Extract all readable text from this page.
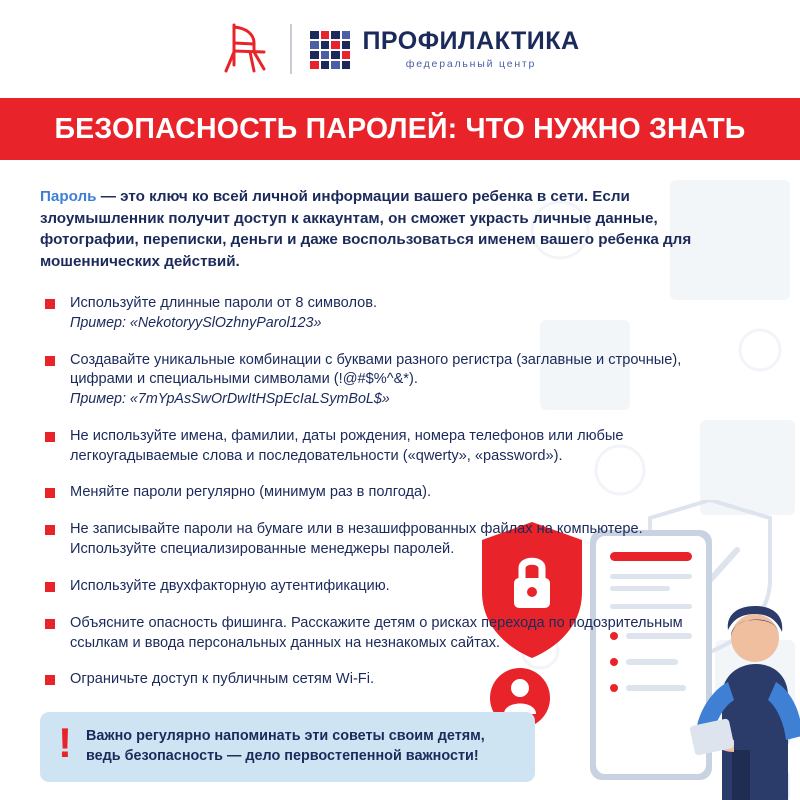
ПРОФИЛАКТИКА
федеральный центр
БЕЗОПАСНОСТЬ ПАРОЛЕЙ: ЧТО НУЖНО ЗНАТЬ

Пароль — это ключ ко всей личной информации вашего ребенка в сети. Если злоумышленник получит доступ к аккаунтам, он сможет украсть личные данные, фотографии, переписки, деньги и даже воспользоваться именем вашего ребенка для мошеннических действий.

Используйте длинные пароли от 8 символов.
Пример: «NekotoryySlOzhnyParol123»
Создавайте уникальные комбинации с буквами разного регистра (заглавные и строчные), цифрами и специальными символами (!@#$%^&*).
Пример: «7mYpAsSwOrDwItHSpEcIaLSymBoL$»
Не используйте имена, фамилии, даты рождения, номера телефонов или любые легкоугадываемые слова и последовательности («qwerty», «password»).
Меняйте пароли регулярно (минимум раз в полгода).
Не записывайте пароли на бумаге или в незашифрованных файлах на компьютере. Используйте специализированные менеджеры паролей.
Используйте двухфакторную аутентификацию.
Объясните опасность фишинга. Расскажите детям о рисках перехода по подозрительным ссылкам и ввода персональных данных на незнакомых сайтах.
Ограничьте доступ к публичным сетям Wi-Fi.
! Важно регулярно напоминать эти советы своим детям, ведь безопасность — дело первостепенной важности!
